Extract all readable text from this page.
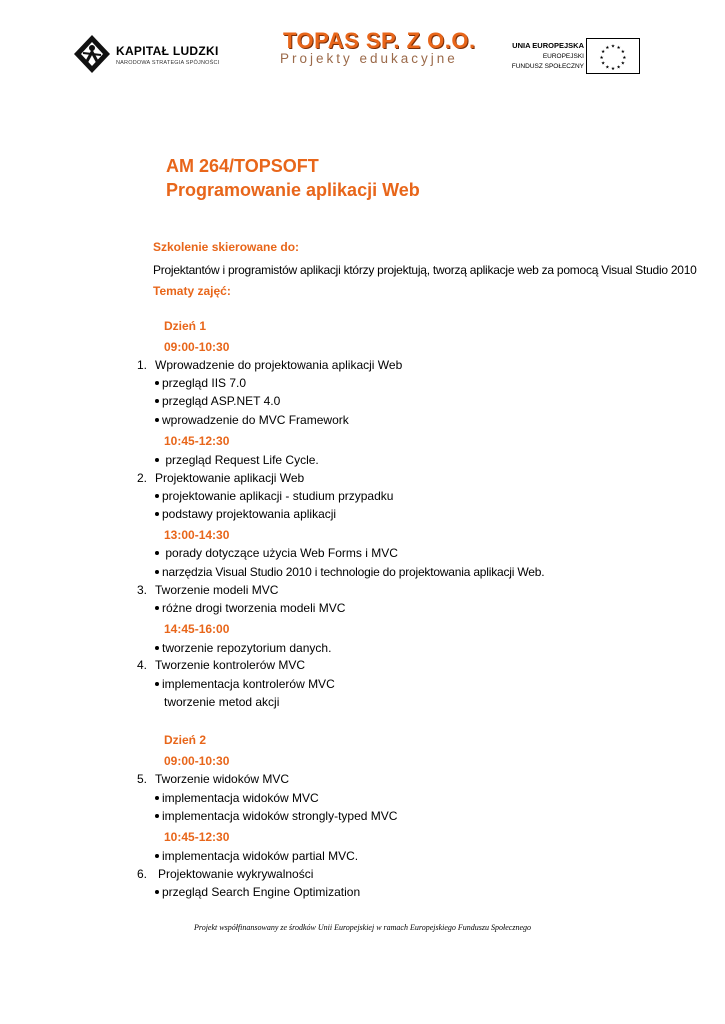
KAPITAŁ LUDZKI
NARODOWA STRATEGIA SPÓJNOŚCI
TOPAS SP. Z O.O.
Projekty edukacyjne
UNIA EUROPEJSKA
EUROPEJSKI
FUNDUSZ SPOŁECZNY
★ ★
★
★
★
★
★
★
★
★
★
★
AM 264/TOPSOFT
Programowanie aplikacji Web
Szkolenie skierowane do:
Projektantów i programistów aplikacji którzy projektują, tworzą aplikacje web za pomocą Visual Studio 2010
Tematy zajęć:
Dzień 1
09:00-10:30
1. Wprowadzenie do projektowania aplikacji Web
przegląd IIS 7.0
przegląd ASP.NET 4.0
wprowadzenie do MVC Framework
10:45-12:30
przegląd Request Life Cycle.
2. Projektowanie aplikacji Web
projektowanie aplikacji - studium przypadku
podstawy projektowania aplikacji
13:00-14:30
porady dotyczące użycia Web Forms i MVC
narzędzia Visual Studio 2010 i technologie do projektowania aplikacji Web.
3. Tworzenie modeli MVC
różne drogi tworzenia modeli MVC
14:45-16:00
tworzenie repozytorium danych.
4. Tworzenie kontrolerów MVC
implementacja kontrolerów MVC
tworzenie metod akcji
Dzień 2
09:00-10:30
5. Tworzenie widoków MVC
implementacja widoków MVC
implementacja widoków strongly-typed MVC
10:45-12:30
implementacja widoków partial MVC.
6. Projektowanie wykrywalności
przegląd Search Engine Optimization
Projekt współfinansowany ze środków Unii Europejskiej w ramach Europejskiego Funduszu Społecznego
